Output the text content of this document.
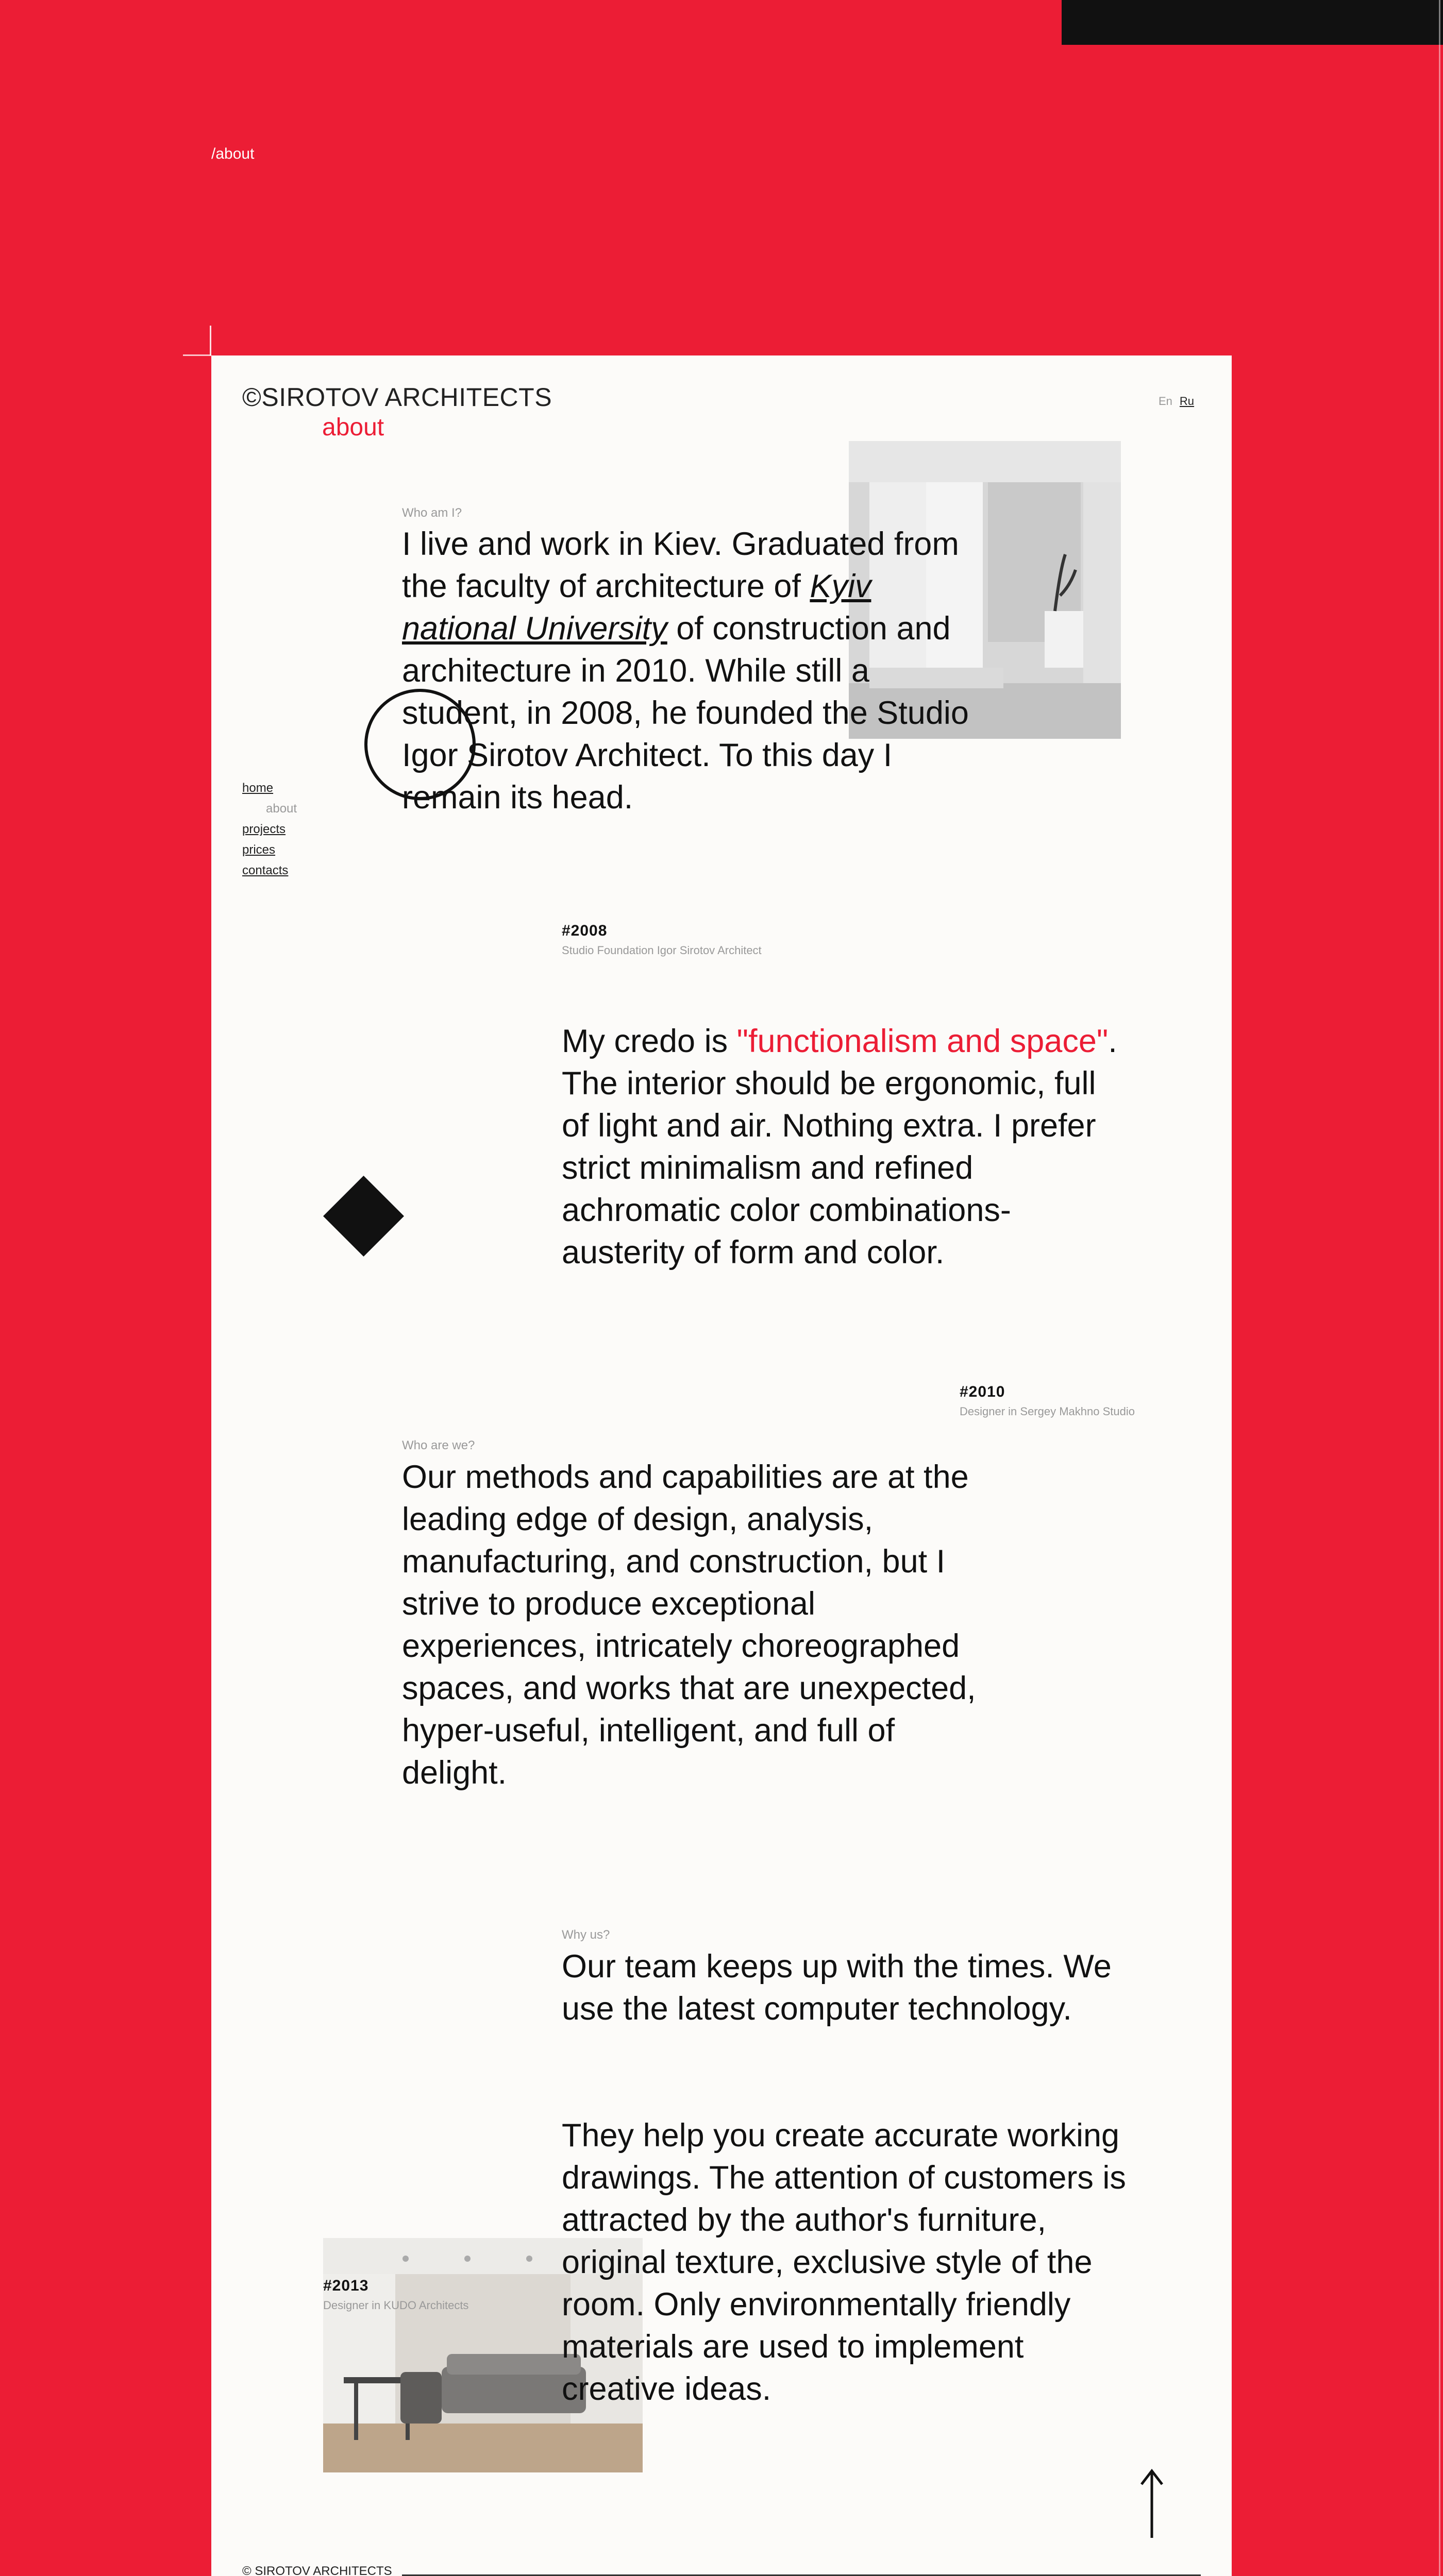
/about
©SIROTOV ARCHITECTS
about
En Ru
home
about
projects
prices
contacts
Who am I?
I live and work in Kiev. Graduated from the faculty of architecture of Kyiv national University of construction and architecture in 2010. While still a student, in 2008, he founded the Studio Igor Sirotov Architect. To this day I remain its head.
#2008
Studio Foundation Igor Sirotov Architect
My credo is "functionalism and space". The interior should be ergonomic, full of light and air. Nothing extra. I prefer strict minimalism and refined achromatic color combinations-austerity of form and color.
#2010
Designer in Sergey Makhno Studio
Who are we?
Our methods and capabilities are at the leading edge of design, analysis, manufacturing, and construction, but I strive to produce exceptional experiences, intricately choreographed spaces, and works that are unexpected, hyper-useful, intelligent, and full of delight.
Why us?
Our team keeps up with the times. We use the latest computer technology.
They help you create accurate working drawings. The attention of customers is attracted by the author's furniture, original texture, exclusive style of the room. Only environmentally friendly materials are used to implement creative ideas.
#2013
Designer in KUDO Architects
© SIROTOV ARCHITECTS
